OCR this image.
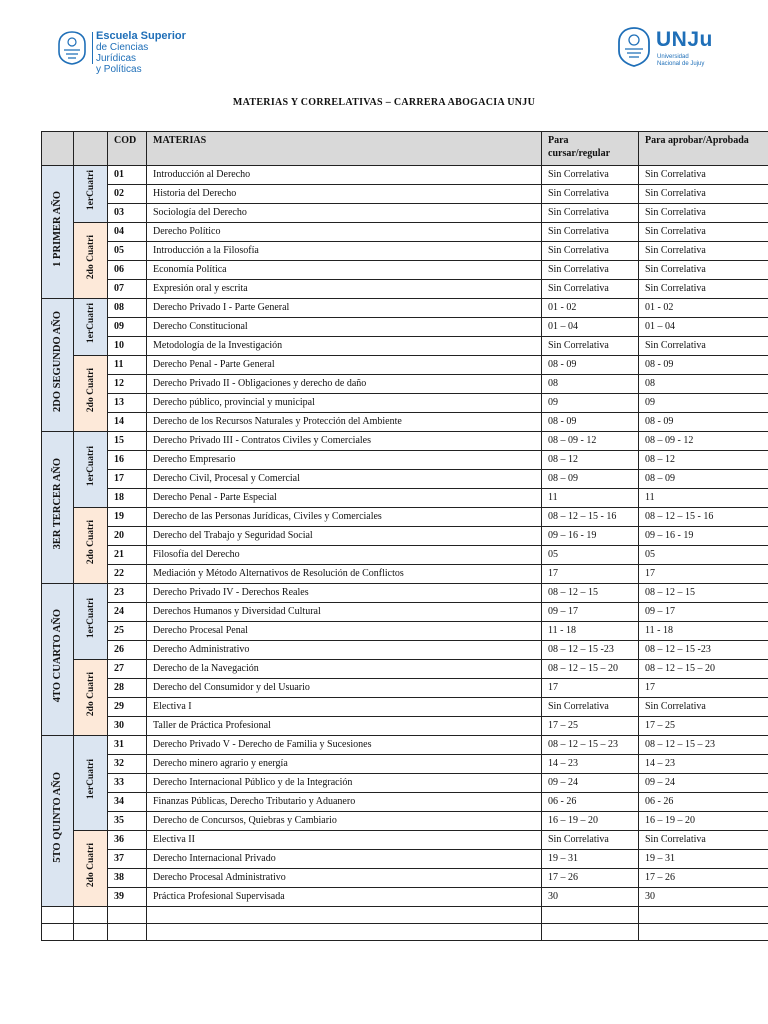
Escuela Superior
de Ciencias Jurídicas
y Políticas
UNJu
Universidad
Nacional de Jujuy
MATERIAS Y CORRELATIVAS – CARRERA ABOGACIA UNJU
		COD	MATERIAS	Para cursar/regular	Para aprobar/Aprobada
1 PRIMER AÑO	1erCuatri	01	Introducción al Derecho	Sin Correlativa	Sin Correlativa
		02	Historia del Derecho	Sin Correlativa	Sin Correlativa
		03	Sociología del Derecho	Sin Correlativa	Sin Correlativa
	2do Cuatri	04	Derecho Político	Sin Correlativa	Sin Correlativa
		05	Introducción a la Filosofía	Sin Correlativa	Sin Correlativa
		06	Economía Política	Sin Correlativa	Sin Correlativa
		07	Expresión oral y escrita	Sin Correlativa	Sin Correlativa
2DO SEGUNDO AÑO	1erCuatri	08	Derecho Privado I - Parte General	01 - 02	01 - 02
		09	Derecho Constitucional	01 – 04	01 – 04
		10	Metodología de la Investigación	Sin Correlativa	Sin Correlativa
	2do Cuatri	11	Derecho Penal - Parte General	08 - 09	08 - 09
		12	Derecho Privado II - Obligaciones y derecho de daño	08	08
		13	Derecho público, provincial y municipal	09	09
		14	Derecho de los Recursos Naturales y Protección del Ambiente	08 - 09	08 - 09
3ER TERCER AÑO	1erCuatri	15	Derecho Privado III - Contratos Civiles y Comerciales	08 – 09 - 12	08 – 09 - 12
		16	Derecho Empresario	08 – 12	08 – 12
		17	Derecho Civil, Procesal y Comercial	08 – 09	08 – 09
		18	Derecho Penal - Parte Especial	11	11
	2do Cuatri	19	Derecho de las Personas Jurídicas, Civiles y Comerciales	08 – 12 – 15 - 16	08 – 12 – 15 - 16
		20	Derecho del Trabajo y Seguridad Social	09 – 16 - 19	09 – 16 - 19
		21	Filosofía del Derecho	05	05
		22	Mediación y Método Alternativos de Resolución de Conflictos	17	17
4TO CUARTO AÑO	1erCuatri	23	Derecho Privado IV - Derechos Reales	08 – 12 – 15	08 – 12 – 15
		24	Derechos Humanos y Diversidad Cultural	09 – 17	09 – 17
		25	Derecho Procesal Penal	11 - 18	11 - 18
		26	Derecho Administrativo	08 – 12 – 15 -23	08 – 12 – 15 -23
	2do Cuatri	27	Derecho de la Navegación	08 – 12 – 15 – 20	08 – 12 – 15 – 20
		28	Derecho del Consumidor y del Usuario	17	17
		29	Electiva I	Sin Correlativa	Sin Correlativa
		30	Taller de Práctica Profesional	17 – 25	17 – 25
5TO QUINTO AÑO	1erCuatri	31	Derecho Privado V - Derecho de Familia y Sucesiones	08 – 12 – 15 – 23	08 – 12 – 15 – 23
		32	Derecho minero agrario y energía	14 – 23	14 – 23
		33	Derecho Internacional Público y de la Integración	09 – 24	09 – 24
		34	Finanzas Públicas, Derecho Tributario y Aduanero	06 - 26	06 - 26
		35	Derecho de Concursos, Quiebras y Cambiario	16 – 19 – 20	16 – 19 – 20
	2do Cuatri	36	Electiva II	Sin Correlativa	Sin Correlativa
		37	Derecho Internacional Privado	19 – 31	19 – 31
		38	Derecho Procesal Administrativo	17 – 26	17 – 26
		39	Práctica Profesional Supervisada	30	30
